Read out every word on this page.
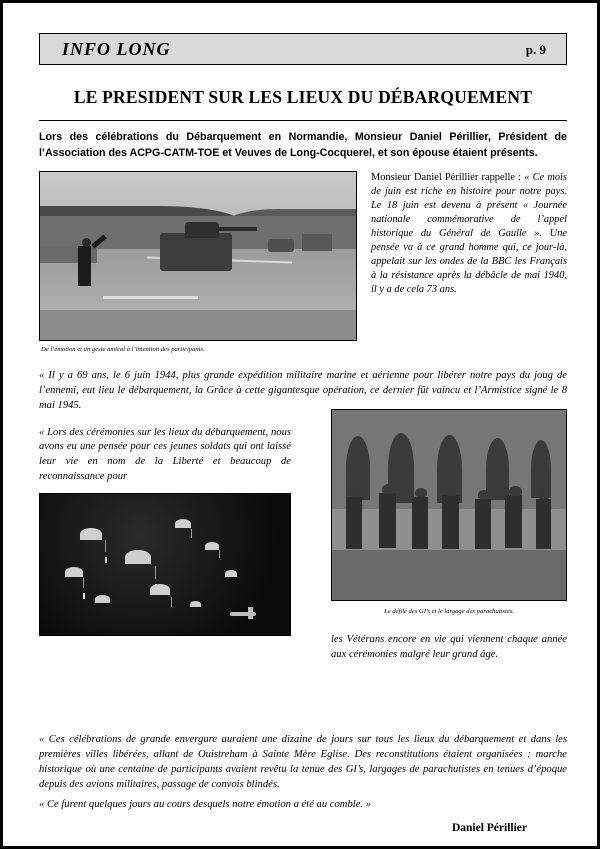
INFO LONG	p. 9
LE PRESIDENT SUR LES LIEUX DU DÉBARQUEMENT
Lors des célébrations du Débarquement en Normandie, Monsieur Daniel Périllier, Président de l’Association des ACPG-CATM-TOE et Veuves de Long-Cocquerel, et son épouse étaient présents.
De l’émotion et un geste amical à l’intention des participants.
Monsieur Daniel Périllier rappelle : « Ce mois de juin est riche en histoire pour notre pays. Le 18 juin est devenu à présent « Journée nationale commémorative de l’appel historique du Général de Gaulle ». Une pensée va à ce grand homme qui, ce jour-là, appelait sur les ondes de la BBC les Français à la résistance après la débâcle de mai 1940, il y a de cela 73 ans.
« Il y a 69 ans, le 6 juin 1944, plus grande expédition militaire marine et aérienne pour libérer notre pays du joug de l’ennemi, eut lieu le débarquement, la Grâce à cette gigantesque opération, ce dernier fût vaincu et l’Armistice signé le 8 mai 1945.
« Lors des cérémonies sur les lieux du débarquement, nous avons eu une pensée pour ces jeunes soldats qui ont laissé leur vie en nom de la Liberté et beaucoup de reconnaissance pour
Le défilé des GI’s et le largage des parachutistes.
les Vétérans encore en vie qui viennent chaque année aux cérémonies malgré leur grand âge.

« Ces célébrations de grande envergure auraient une dizaine de jours sur tous les lieux du débarquement et dans les premières villes libérées, allant de Ouistreham à Sainte Mère Eglise. Des reconstitutions étaient organisées : marche historique où une centaine de participants avaient revêtu la tenue des GI’s, largages de parachutistes en tenues d’époque depuis des avions militaires, passage de convois blindés.

« Ce furent quelques jours au cours desquels notre émotion a été au comble. »

Daniel Périllier
